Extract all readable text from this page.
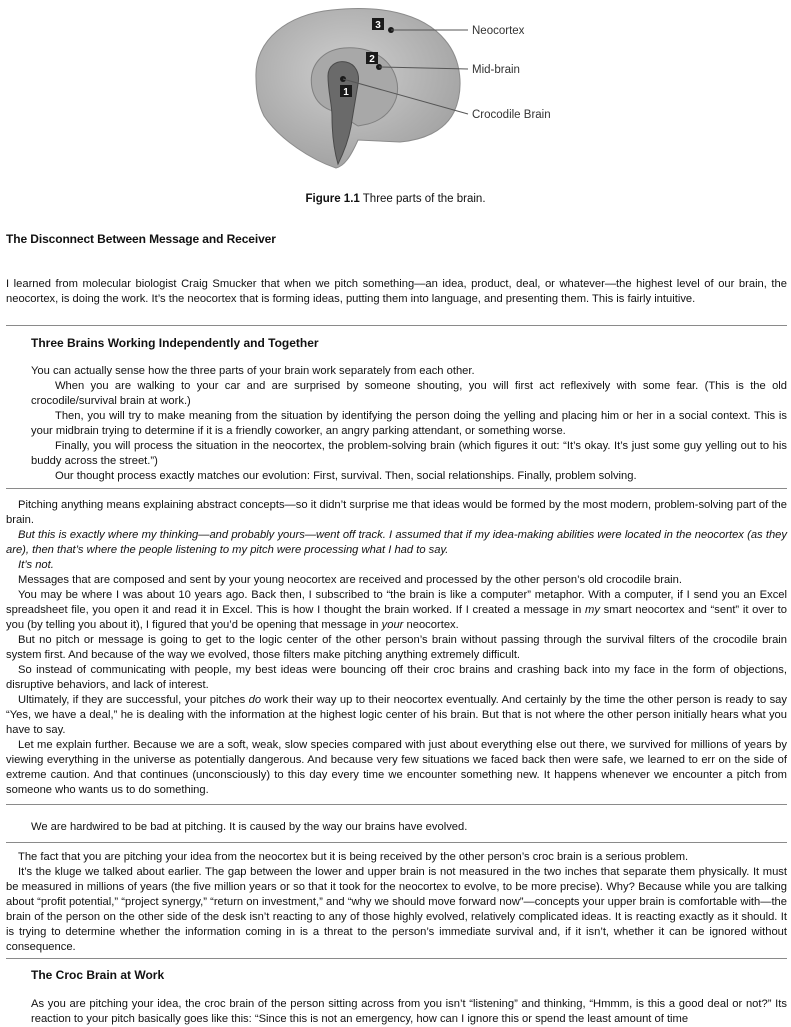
3
2
1
Neocortex
Mid-brain
Crocodile Brain
Figure 1.1 Three parts of the brain.
The Disconnect Between Message and Receiver

I learned from molecular biologist Craig Smucker that when we pitch something—an idea, product, deal, or whatever—the highest level of our brain, the neocortex, is doing the work. It’s the neocortex that is forming ideas, putting them into language, and presenting them. This is fairly intuitive.

Three Brains Working Independently and Together

You can actually sense how the three parts of your brain work separately from each other.

When you are walking to your car and are surprised by someone shouting, you will first act reflexively with some fear. (This is the old crocodile/survival brain at work.)

Then, you will try to make meaning from the situation by identifying the person doing the yelling and placing him or her in a social context. This is your midbrain trying to determine if it is a friendly coworker, an angry parking attendant, or something worse.

Finally, you will process the situation in the neocortex, the problem-solving brain (which figures it out: “It’s okay. It’s just some guy yelling out to his buddy across the street.”)

Our thought process exactly matches our evolution: First, survival. Then, social relationships. Finally, problem solving.

Pitching anything means explaining abstract concepts—so it didn’t surprise me that ideas would be formed by the most modern, problem-solving part of the brain.

But this is exactly where my thinking—and probably yours—went off track. I assumed that if my idea-making abilities were located in the neocortex (as they are), then that’s where the people listening to my pitch were processing what I had to say.

It’s not.

Messages that are composed and sent by your young neocortex are received and processed by the other person’s old crocodile brain.

You may be where I was about 10 years ago. Back then, I subscribed to “the brain is like a computer” metaphor. With a computer, if I send you an Excel spreadsheet file, you open it and read it in Excel. This is how I thought the brain worked. If I created a message in my smart neocortex and “sent” it over to you (by telling you about it), I figured that you’d be opening that message in your neocortex.

But no pitch or message is going to get to the logic center of the other person’s brain without passing through the survival filters of the crocodile brain system first. And because of the way we evolved, those filters make pitching anything extremely difficult.

So instead of communicating with people, my best ideas were bouncing off their croc brains and crashing back into my face in the form of objections, disruptive behaviors, and lack of interest.

Ultimately, if they are successful, your pitches do work their way up to their neocortex eventually. And certainly by the time the other person is ready to say “Yes, we have a deal,” he is dealing with the information at the highest logic center of his brain. But that is not where the other person initially hears what you have to say.

Let me explain further. Because we are a soft, weak, slow species compared with just about everything else out there, we survived for millions of years by viewing everything in the universe as potentially dangerous. And because very few situations we faced back then were safe, we learned to err on the side of extreme caution. And that continues (unconsciously) to this day every time we encounter something new. It happens whenever we encounter a pitch from someone who wants us to do something.

We are hardwired to be bad at pitching. It is caused by the way our brains have evolved.

The fact that you are pitching your idea from the neocortex but it is being received by the other person’s croc brain is a serious problem.

It’s the kluge we talked about earlier. The gap between the lower and upper brain is not measured in the two inches that separate them physically. It must be measured in millions of years (the five million years or so that it took for the neocortex to evolve, to be more precise). Why? Because while you are talking about “profit potential,” “project synergy,” “return on investment,” and “why we should move forward now”—concepts your upper brain is comfortable with—the brain of the person on the other side of the desk isn’t reacting to any of those highly evolved, relatively complicated ideas. It is reacting exactly as it should. It is trying to determine whether the information coming in is a threat to the person’s immediate survival and, if it isn’t, whether it can be ignored without consequence.

The Croc Brain at Work

As you are pitching your idea, the croc brain of the person sitting across from you isn’t “listening” and thinking, “Hmmm, is this a good deal or not?” Its reaction to your pitch basically goes like this: “Since this is not an emergency, how can I ignore this or spend the least amount of time
